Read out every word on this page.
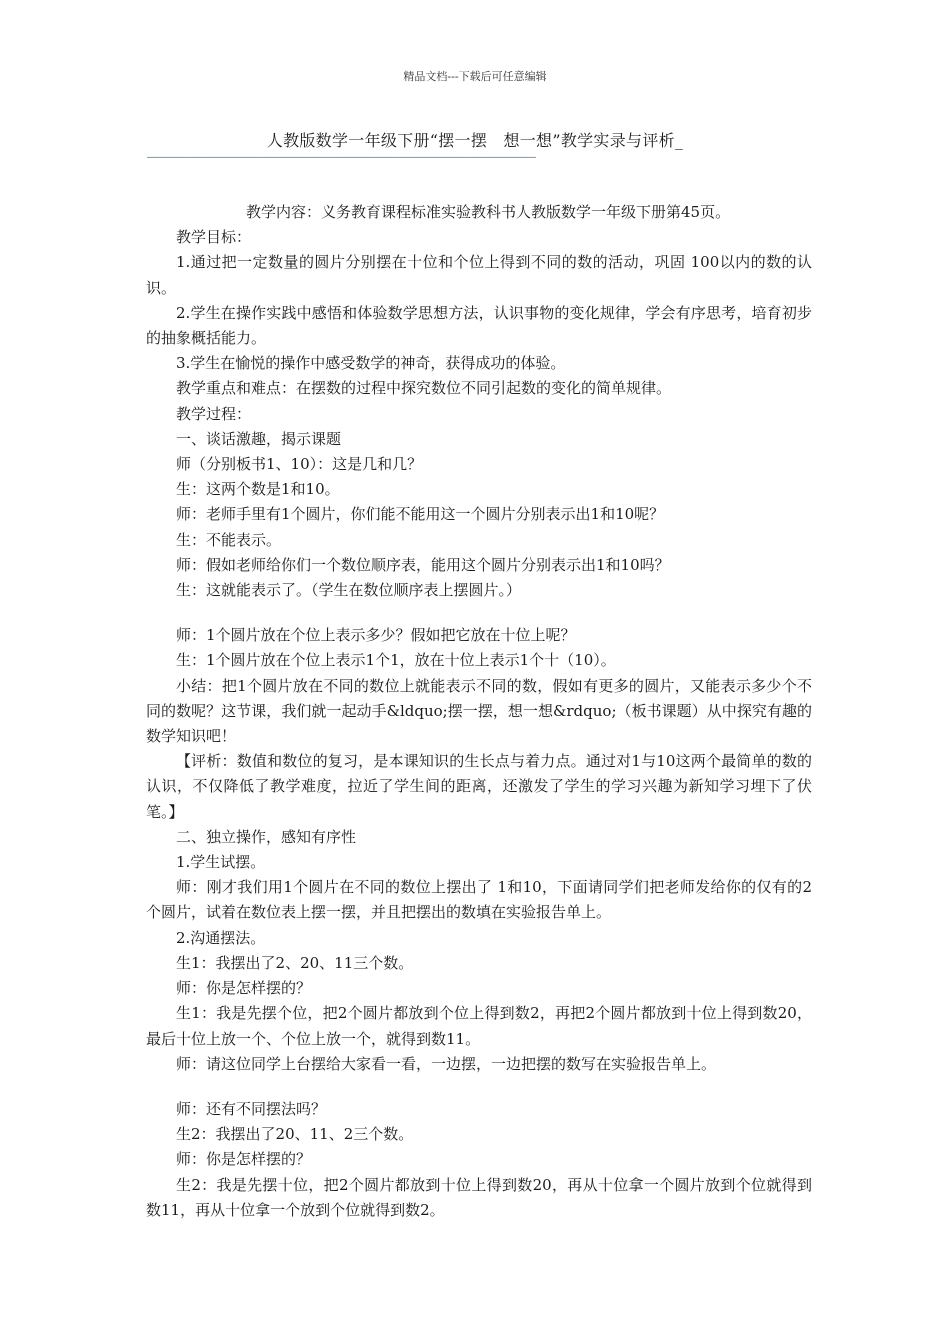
精品文档---下载后可任意编辑
人教版数学一年级下册“摆一摆　想一想”教学实录与评析_
———————————————————————————————————————————

教学内容：义务教育课程标准实验教科书人教版数学一年级下册第45页。

教学目标：

1.通过把一定数量的圆片分别摆在十位和个位上得到不同的数的活动，巩固 100以内的数的认识。

2.学生在操作实践中感悟和体验数学思想方法，认识事物的变化规律，学会有序思考，培育初步的抽象概括能力。

3.学生在愉悦的操作中感受数学的神奇，获得成功的体验。

教学重点和难点：在摆数的过程中探究数位不同引起数的变化的简单规律。

教学过程：

一、谈话激趣，揭示课题

师（分别板书1、10）：这是几和几？

生：这两个数是1和10。

师：老师手里有1个圆片，你们能不能用这一个圆片分别表示出1和10呢？

生：不能表示。

师：假如老师给你们一个数位顺序表，能用这个圆片分别表示出1和10吗？

生：这就能表示了。（学生在数位顺序表上摆圆片。）

师：1个圆片放在个位上表示多少？假如把它放在十位上呢？

生：1个圆片放在个位上表示1个1，放在十位上表示1个十（10）。

小结：把1个圆片放在不同的数位上就能表示不同的数，假如有更多的圆片，又能表示多少个不同的数呢？这节课，我们就一起动手&ldquo;摆一摆，想一想&rdquo;（板书课题）从中探究有趣的数学知识吧！

【评析：数值和数位的复习，是本课知识的生长点与着力点。通过对1与10这两个最简单的数的认识，不仅降低了教学难度，拉近了学生间的距离，还激发了学生的学习兴趣为新知学习埋下了伏笔。】

二、独立操作，感知有序性

1.学生试摆。

师：刚才我们用1个圆片在不同的数位上摆出了 1和10，下面请同学们把老师发给你的仅有的2个圆片，试着在数位表上摆一摆，并且把摆出的数填在实验报告单上。

2.沟通摆法。

生1：我摆出了2、20、11三个数。

师：你是怎样摆的？

生1：我是先摆个位，把2个圆片都放到个位上得到数2，再把2个圆片都放到十位上得到数20，最后十位上放一个、个位上放一个，就得到数11。

师：请这位同学上台摆给大家看一看，一边摆，一边把摆的数写在实验报告单上。

师：还有不同摆法吗？

生2：我摆出了20、11、2三个数。

师：你是怎样摆的？

生2：我是先摆十位，把2个圆片都放到十位上得到数20，再从十位拿一个圆片放到个位就得到数11，再从十位拿一个放到个位就得到数2。
